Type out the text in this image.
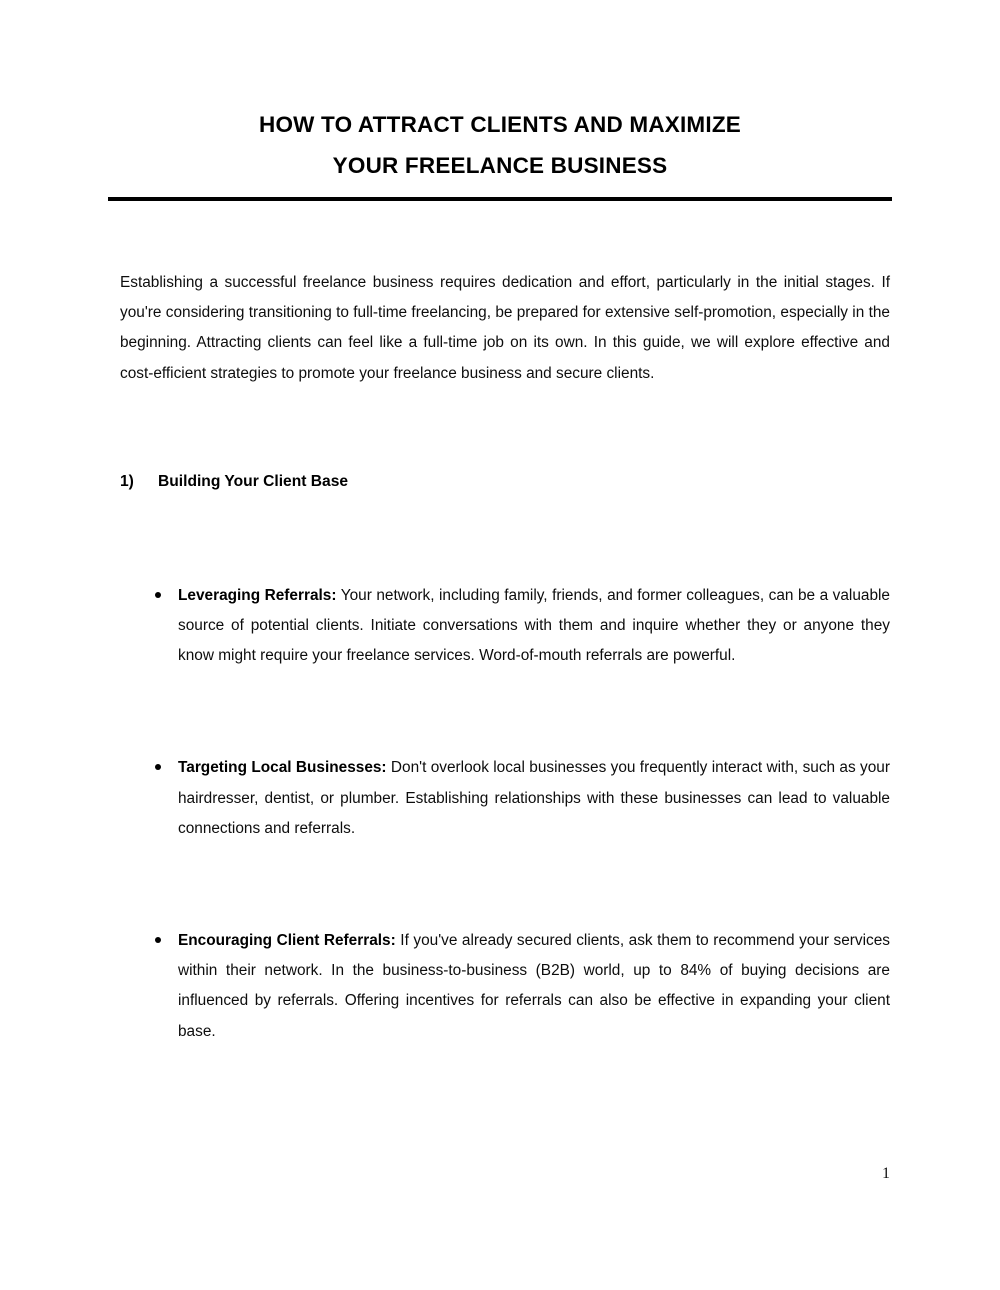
HOW TO ATTRACT CLIENTS AND MAXIMIZE
YOUR FREELANCE BUSINESS

Establishing a successful freelance business requires dedication and effort, particularly in the initial stages. If you're considering transitioning to full-time freelancing, be prepared for extensive self-promotion, especially in the beginning. Attracting clients can feel like a full-time job on its own. In this guide, we will explore effective and cost-efficient strategies to promote your freelance business and secure clients.

1) Building Your Client Base
Leveraging Referrals: Your network, including family, friends, and former colleagues, can be a valuable source of potential clients. Initiate conversations with them and inquire whether they or anyone they know might require your freelance services. Word-of-mouth referrals are powerful.
Targeting Local Businesses: Don't overlook local businesses you frequently interact with, such as your hairdresser, dentist, or plumber. Establishing relationships with these businesses can lead to valuable connections and referrals.
Encouraging Client Referrals: If you've already secured clients, ask them to recommend your services within their network. In the business-to-business (B2B) world, up to 84% of buying decisions are influenced by referrals. Offering incentives for referrals can also be effective in expanding your client base.
1
